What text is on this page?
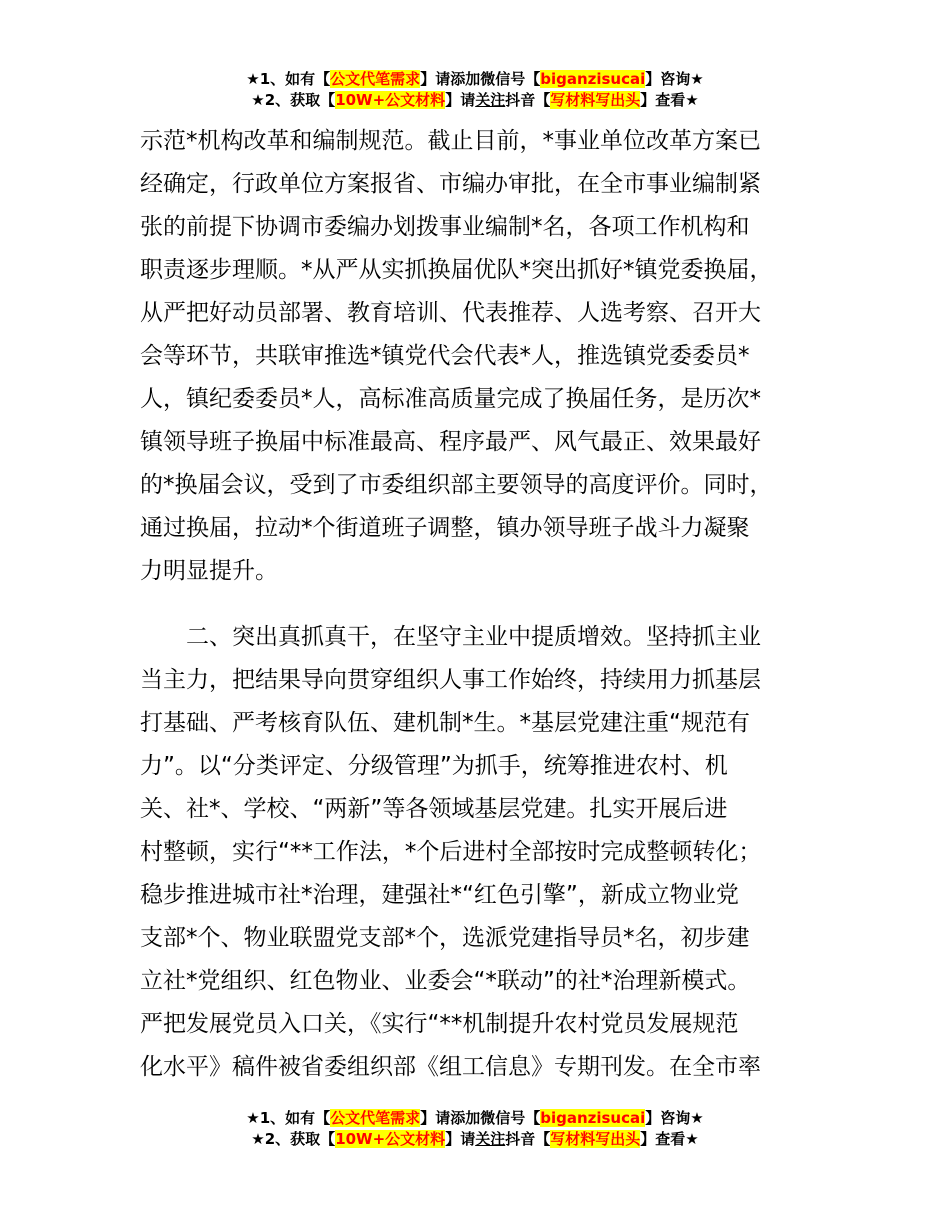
★1、如有【公文代笔需求】请添加微信号【biganzisucai】咨询★
★2、获取【10W+公文材料】请关注抖音【写材料写出头】查看★
示范*机构改革和编制规范。截止目前，*事业单位改革方案已
经确定，行政单位方案报省、市编办审批，在全市事业编制紧
张的前提下协调市委编办划拨事业编制*名，各项工作机构和
职责逐步理顺。*从严从实抓换届优队*突出抓好*镇党委换届，
从严把好动员部署、教育培训、代表推荐、人选考察、召开大
会等环节，共联审推选*镇党代会代表*人，推选镇党委委员*
人，镇纪委委员*人，高标准高质量完成了换届任务，是历次*
镇领导班子换届中标准最高、程序最严、风气最正、效果最好
的*换届会议，受到了市委组织部主要领导的高度评价。同时，
通过换届，拉动*个街道班子调整，镇办领导班子战斗力凝聚
力明显提升。
二、突出真抓真干，在坚守主业中提质增效。坚持抓主业
当主力，把结果导向贯穿组织人事工作始终，持续用力抓基层
打基础、严考核育队伍、建机制*生。*基层党建注重“规范有
力”。以“分类评定、分级管理”为抓手，统筹推进农村、机
关、社*、学校、“两新”等各领域基层党建。扎实开展后进
村整顿，实行“**工作法，*个后进村全部按时完成整顿转化；
稳步推进城市社*治理，建强社*“红色引擎”，新成立物业党
支部*个、物业联盟党支部*个，选派党建指导员*名，初步建
立社*党组织、红色物业、业委会“*联动”的社*治理新模式。
严把发展党员入口关，《实行“**机制提升农村党员发展规范
化水平》稿件被省委组织部《组工信息》专期刊发。在全市率
★1、如有【公文代笔需求】请添加微信号【biganzisucai】咨询★
★2、获取【10W+公文材料】请关注抖音【写材料写出头】查看★
